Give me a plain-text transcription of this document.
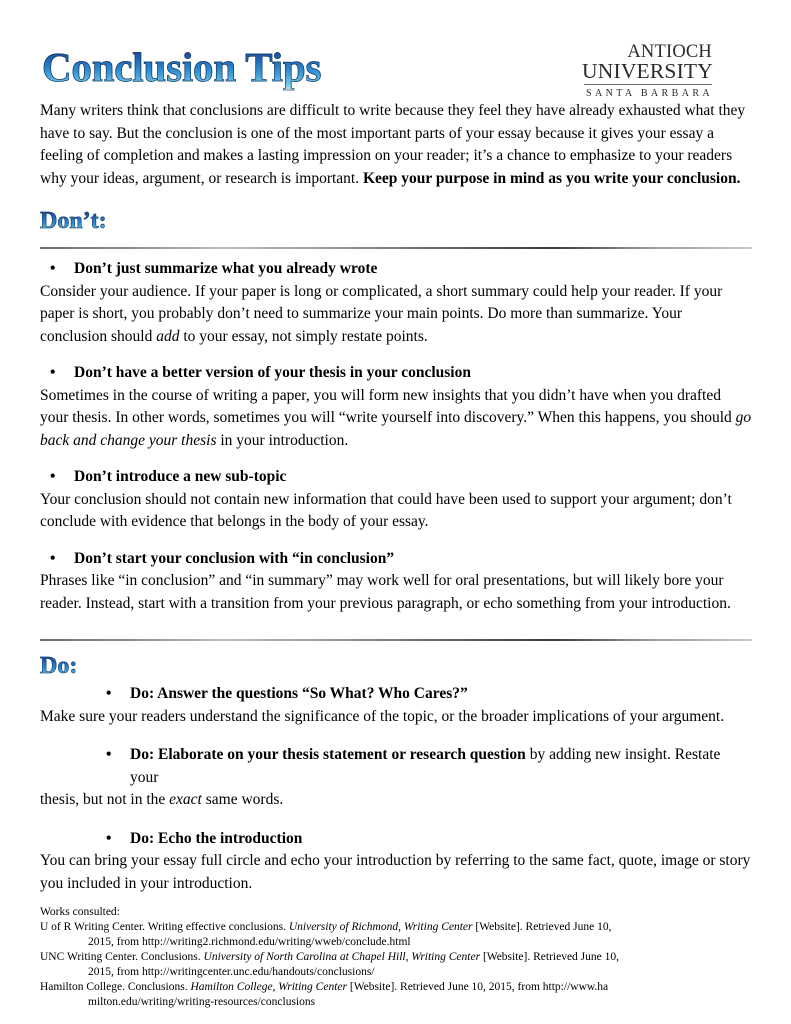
Conclusion Tips	ANTIOCH
UNIVERSITY
SANTA BARBARA

Many writers think that conclusions are difficult to write because they feel they have already exhausted what they have to say. But the conclusion is one of the most important parts of your essay because it gives your essay a feeling of completion and makes a lasting impression on your reader; it’s a chance to emphasize to your readers why your ideas, argument, or research is important. Keep your purpose in mind as you write your conclusion.

Don’t:

• Don’t just summarize what you already wrote

Consider your audience. If your paper is long or complicated, a short summary could help your reader. If your paper is short, you probably don’t need to summarize your main points. Do more than summarize. Your conclusion should add to your essay, not simply restate points.

• Don’t have a better version of your thesis in your conclusion

Sometimes in the course of writing a paper, you will form new insights that you didn’t have when you drafted your thesis. In other words, sometimes you will “write yourself into discovery.” When this happens, you should go back and change your thesis in your introduction.

• Don’t introduce a new sub-topic

Your conclusion should not contain new information that could have been used to support your argument; don’t conclude with evidence that belongs in the body of your essay.

• Don’t start your conclusion with “in conclusion”

Phrases like “in conclusion” and “in summary” may work well for oral presentations, but will likely bore your reader. Instead, start with a transition from your previous paragraph, or echo something from your introduction.

Do:

• Do: Answer the questions “So What? Who Cares?”

Make sure your readers understand the significance of the topic, or the broader implications of your argument.

• Do: Elaborate on your thesis statement or research question by adding new insight. Restate your

thesis, but not in the exact same words.

• Do: Echo the introduction

You can bring your essay full circle and echo your introduction by referring to the same fact, quote, image or story you included in your introduction.

Works consulted:

U of R Writing Center. Writing effective conclusions. University of Richmond, Writing Center [Website]. Retrieved June 10,

2015, from http://writing2.richmond.edu/writing/wweb/conclude.html

UNC Writing Center. Conclusions. University of North Carolina at Chapel Hill, Writing Center [Website]. Retrieved June 10,

2015, from http://writingcenter.unc.edu/handouts/conclusions/

Hamilton College. Conclusions. Hamilton College, Writing Center [Website]. Retrieved June 10, 2015, from http://www.ha

milton.edu/writing/writing-resources/conclusions
